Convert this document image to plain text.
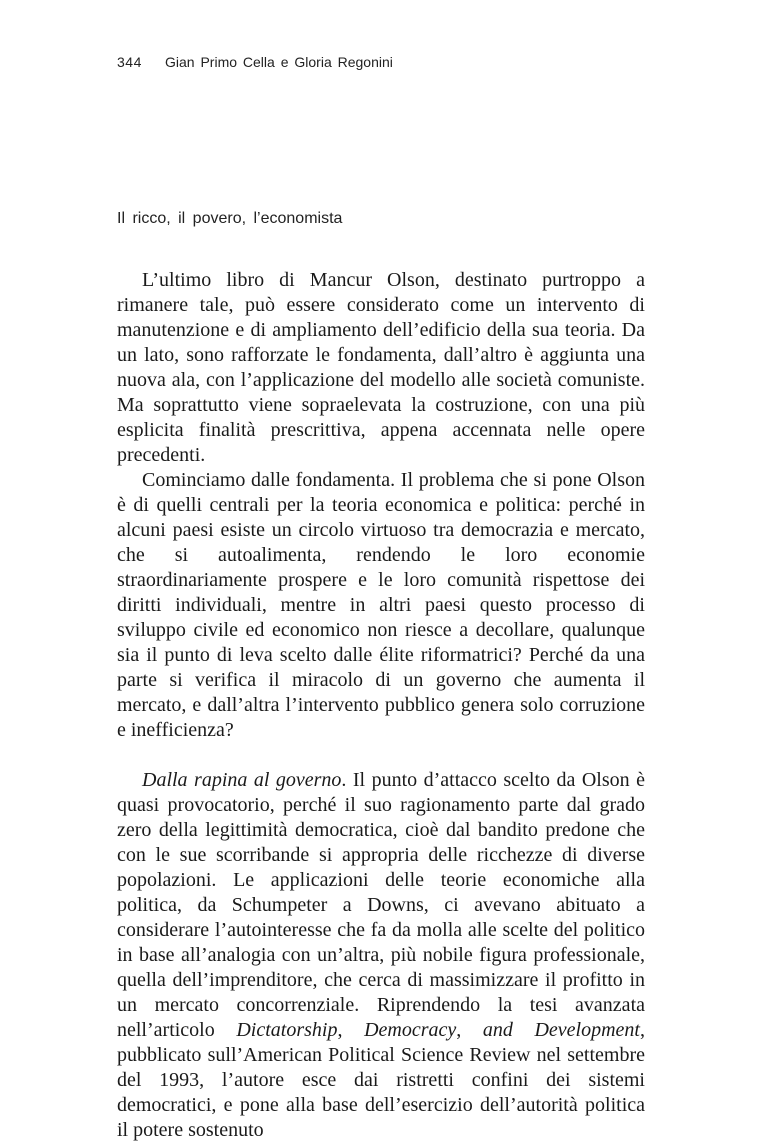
344 Gian Primo Cella e Gloria Regonini
Il ricco, il povero, l’economista

L’ultimo libro di Mancur Olson, destinato purtroppo a rimanere tale, può essere considerato come un intervento di manutenzione e di ampliamento dell’edificio della sua teoria. Da un lato, sono rafforzate le fondamenta, dall’altro è aggiunta una nuova ala, con l’applicazione del modello alle società comuniste. Ma soprattutto viene sopraelevata la costruzione, con una più esplicita finalità prescrittiva, appena accennata nelle opere precedenti.

Cominciamo dalle fondamenta. Il problema che si pone Olson è di quelli centrali per la teoria economica e politica: perché in alcuni paesi esiste un circolo virtuoso tra democrazia e mercato, che si autoalimenta, rendendo le loro economie straordinariamente prospere e le loro comunità rispettose dei diritti individuali, mentre in altri paesi questo processo di sviluppo civile ed economico non riesce a decollare, qualunque sia il punto di leva scelto dalle élite riformatrici? Perché da una parte si verifica il miracolo di un governo che aumenta il mercato, e dall’altra l’intervento pubblico genera solo corruzione e inefficienza?

Dalla rapina al governo. Il punto d’attacco scelto da Olson è quasi provocatorio, perché il suo ragionamento parte dal grado zero della legittimità democratica, cioè dal bandito predone che con le sue scorribande si appropria delle ricchezze di diverse popolazioni. Le applicazioni delle teorie economiche alla politica, da Schumpeter a Downs, ci avevano abituato a considerare l’autointeresse che fa da molla alle scelte del politico in base all’analogia con un’altra, più nobile figura professionale, quella dell’imprenditore, che cerca di massimizzare il profitto in un mercato concorrenziale. Riprendendo la tesi avanzata nell’articolo Dictatorship, Democracy, and Development, pubblicato sull’American Political Science Review nel settembre del 1993, l’autore esce dai ristretti confini dei sistemi democratici, e pone alla base dell’esercizio dell’autorità politica il potere sostenuto
